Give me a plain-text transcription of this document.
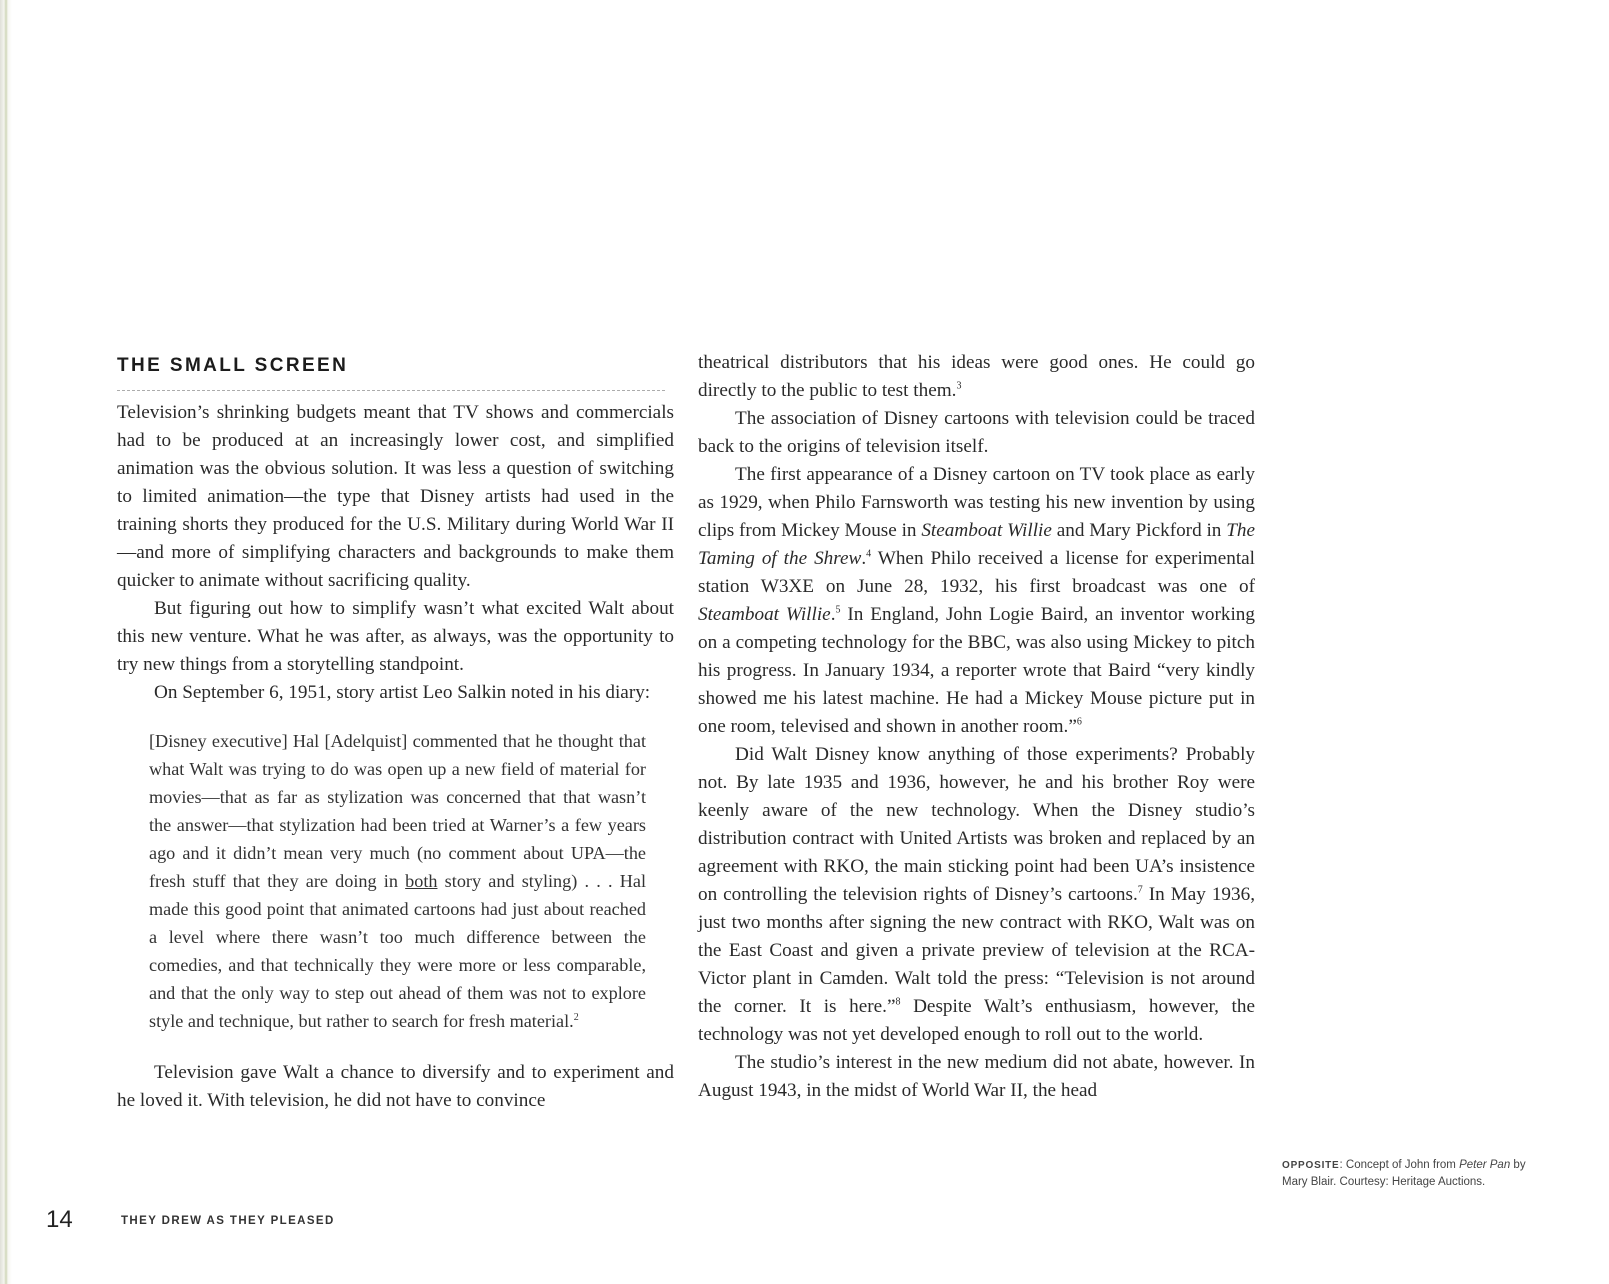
THE SMALL SCREEN

Television’s shrinking budgets meant that TV shows and commercials had to be produced at an increasingly lower cost, and simplified animation was the obvious solution. It was less a question of switching to limited animation—the type that Disney artists had used in the training shorts they produced for the U.S. Military during World War II—and more of simplifying characters and backgrounds to make them quicker to animate without sacrificing quality.

But figuring out how to simplify wasn’t what excited Walt about this new venture. What he was after, as always, was the opportunity to try new things from a storytelling standpoint.

On September 6, 1951, story artist Leo Salkin noted in his diary:

[Disney executive] Hal [Adelquist] commented that he thought that what Walt was trying to do was open up a new field of material for movies—that as far as stylization was concerned that that wasn’t the answer—that stylization had been tried at Warner’s a few years ago and it didn’t mean very much (no comment about UPA—the fresh stuff that they are doing in both story and styling) . . . Hal made this good point that animated cartoons had just about reached a level where there wasn’t too much difference between the comedies, and that technically they were more or less comparable, and that the only way to step out ahead of them was not to explore style and technique, but rather to search for fresh material.$^2$

Television gave Walt a chance to diversify and to experiment and he loved it. With television, he did not have to convince

theatrical distributors that his ideas were good ones. He could go directly to the public to test them.$^3$

The association of Disney cartoons with television could be traced back to the origins of television itself.

The first appearance of a Disney cartoon on TV took place as early as 1929, when Philo Farnsworth was testing his new invention by using clips from Mickey Mouse in Steamboat Willie and Mary Pickford in The Taming of the Shrew.$^4$ When Philo received a license for experimental station W3XE on June 28, 1932, his first broadcast was one of Steamboat Willie.$^5$ In England, John Logie Baird, an inventor working on a competing technology for the BBC, was also using Mickey to pitch his progress. In January 1934, a reporter wrote that Baird “very kindly showed me his latest machine. He had a Mickey Mouse picture put in one room, televised and shown in another room.”$^6$

Did Walt Disney know anything of those experiments? Probably not. By late 1935 and 1936, however, he and his brother Roy were keenly aware of the new technology. When the Disney studio’s distribution contract with United Artists was broken and replaced by an agreement with RKO, the main sticking point had been UA’s insistence on controlling the television rights of Disney’s cartoons.$^7$ In May 1936, just two months after signing the new contract with RKO, Walt was on the East Coast and given a private preview of television at the RCA-Victor plant in Camden. Walt told the press: “Television is not around the corner. It is here.”$^8$ Despite Walt’s enthusiasm, however, the technology was not yet developed enough to roll out to the world.

The studio’s interest in the new medium did not abate, however. In August 1943, in the midst of World War II, the head

OPPOSITE: Concept of John from Peter Pan by Mary Blair. Courtesy: Heritage Auctions.
14	THEY DREW AS THEY PLEASED
